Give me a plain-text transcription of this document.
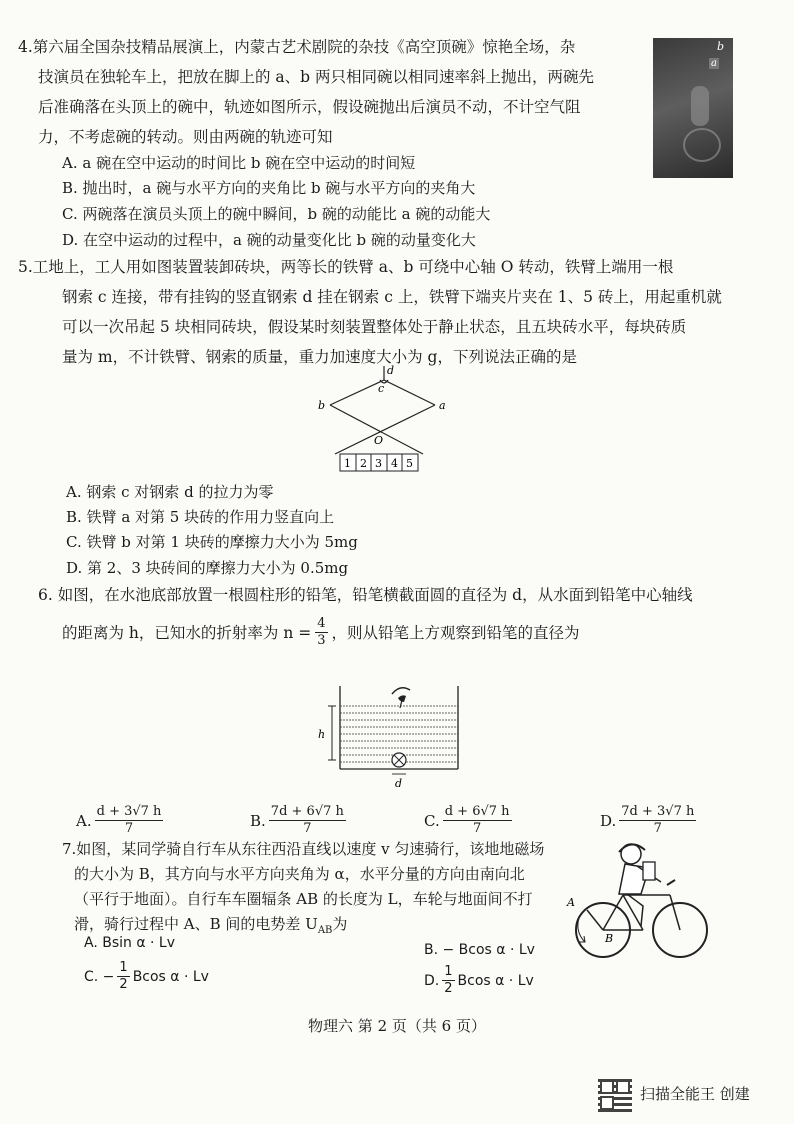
4.第六届全国杂技精品展演上，内蒙古艺术剧院的杂技《高空顶碗》惊艳全场，杂
技演员在独轮车上，把放在脚上的 a、b 两只相同碗以相同速率斜上抛出，两碗先
后准确落在头顶上的碗中，轨迹如图所示，假设碗抛出后演员不动，不计空气阻
力，不考虑碗的转动。则由两碗的轨迹可知
b
a
A. a 碗在空中运动的时间比 b 碗在空中运动的时间短
B. 抛出时，a 碗与水平方向的夹角比 b 碗与水平方向的夹角大
C. 两碗落在演员头顶上的碗中瞬间，b 碗的动能比 a 碗的动能大
D. 在空中运动的过程中，a 碗的动量变化比 b 碗的动量变化大
5.工地上，工人用如图装置装卸砖块，两等长的铁臂 a、b 可绕中心轴 O 转动，铁臂上端用一根
钢索 c 连接，带有挂钩的竖直钢索 d 挂在钢索 c 上，铁臂下端夹片夹在 1、5 砖上，用起重机就
可以一次吊起 5 块相同砖块，假设某时刻装置整体处于静止状态，且五块砖水平，每块砖质
量为 m，不计铁臂、钢索的质量，重力加速度大小为 g，下列说法正确的是
d
c
b	a
O
1 2 3 4 5
A. 钢索 c 对钢索 d 的拉力为零
B. 铁臂 a 对第 5 块砖的作用力竖直向上
C. 铁臂 b 对第 1 块砖的摩擦力大小为 5mg
D. 第 2、3 块砖间的摩擦力大小为 0.5mg
6. 如图，在水池底部放置一根圆柱形的铅笔，铅笔横截面圆的直径为 d，从水面到铅笔中心轴线
的距离为 h，已知水的折射率为 $n = \frac{4}{3}$ ，则从铅笔上方观察到铅笔的直径为
h
d
A. $\frac{d + 3√7 h}{7}$	B. $\frac{7d + 6√7 h}{7}$	C. $\frac{d + 6√7 h}{7}$	D. $\frac{7d + 3√7 h}{7}$
7.如图，某同学骑自行车从东往西沿直线以速度 v 匀速骑行，该地地磁场
的大小为 B，其方向与水平方向夹角为 α，水平分量的方向由南向北
（平行于地面）。自行车车圈辐条 AB 的长度为 L，车轮与地面间不打
滑，骑行过程中 A、B 间的电势差 $U_{AB}$为
A
B
A. Bsin α · Lv	B. − Bcos α · Lv
C. − $\frac{1}{2}$ Bcos α · Lv	D. $\frac{1}{2}$ Bcos α · Lv
物理六 第 2 页（共 6 页）
扫描全能王 创建
